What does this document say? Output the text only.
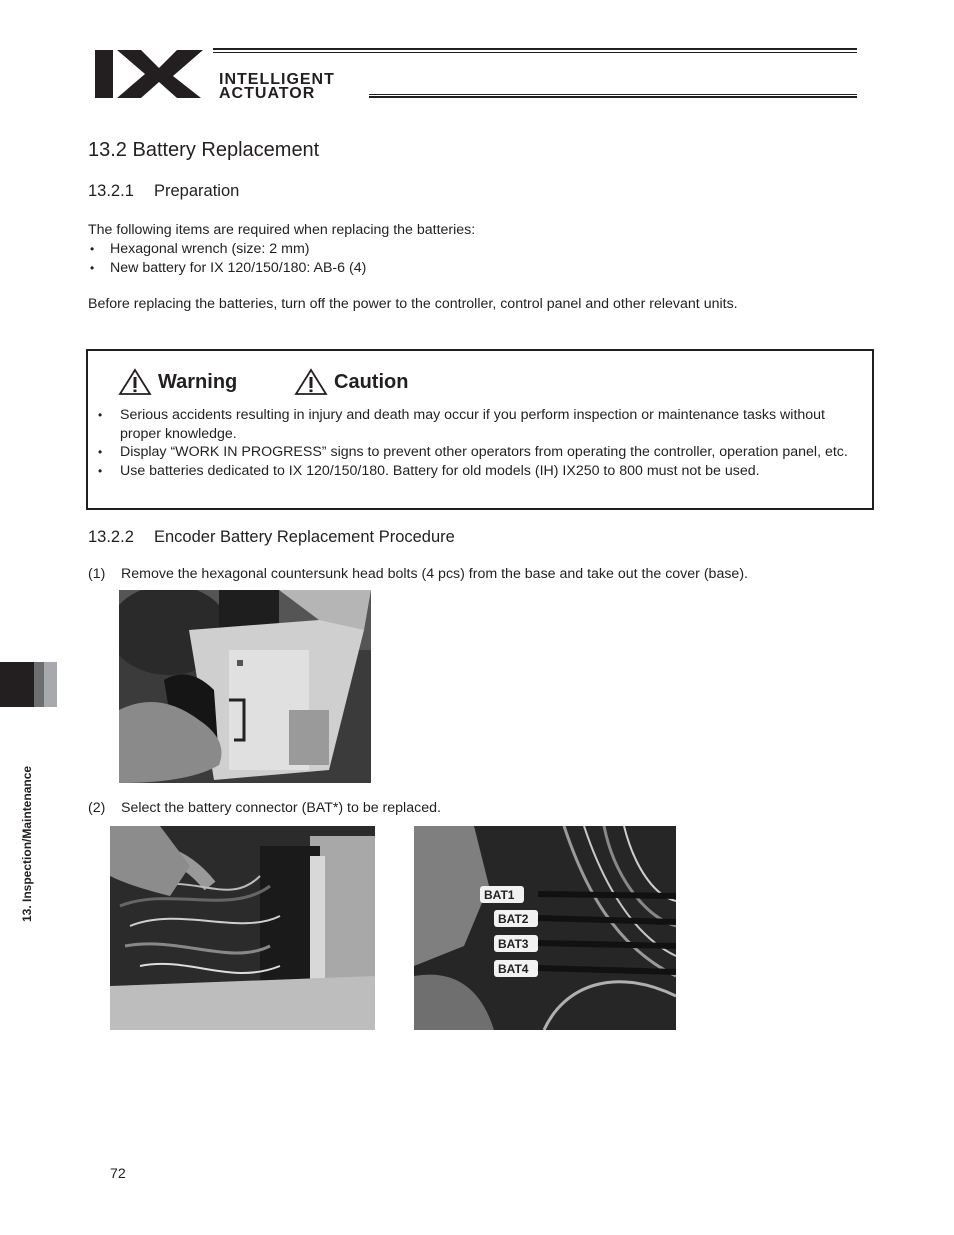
INTELLIGENT
ACTUATOR
13.2 Battery Replacement
13.2.1 Preparation
The following items are required when replacing the batteries:
• Hexagonal wrench (size: 2 mm)
• New battery for IX 120/150/180: AB-6 (4)
Before replacing the batteries, turn off the power to the controller, control panel and other relevant units.
Warning	Caution
• Serious accidents resulting in injury and death may occur if you perform inspection or maintenance tasks without proper knowledge.
• Display “WORK IN PROGRESS” signs to prevent other operators from operating the controller, operation panel, etc.
• Use batteries dedicated to IX 120/150/180. Battery for old models (IH) IX250 to 800 must not be used.
13.2.2 Encoder Battery Replacement Procedure
(1) Remove the hexagonal countersunk head bolts (4 pcs) from the base and take out the cover (base).
(2) Select the battery connector (BAT*) to be replaced.
BAT1
BAT2
BAT3
BAT4
13. Inspection/Maintenance
72
